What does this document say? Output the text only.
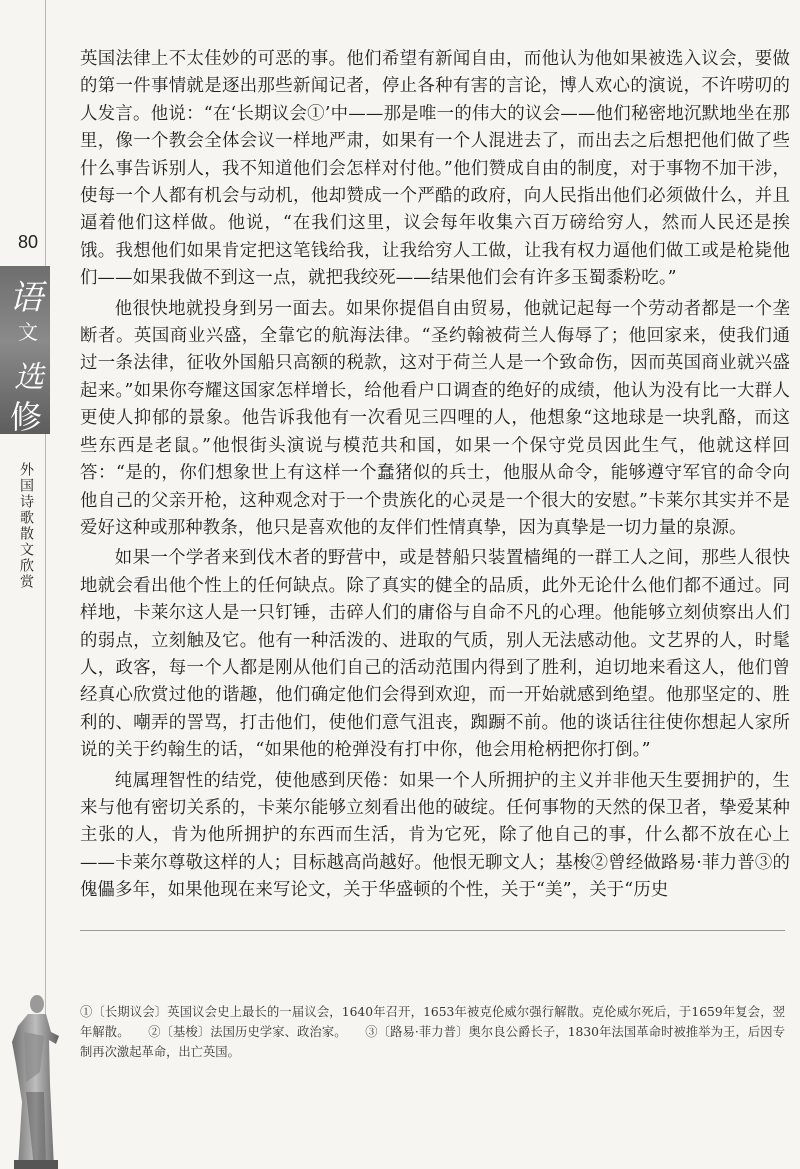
80
语
文
选
修
外国诗歌散文欣赏

英国法律上不太佳妙的可恶的事。他们希望有新闻自由，而他认为他如果被选入议会，要做的第一件事情就是逐出那些新闻记者，停止各种有害的言论，博人欢心的演说，不许唠叨的人发言。他说：“在‘长期议会①’中——那是唯一的伟大的议会——他们秘密地沉默地坐在那里，像一个教会全体会议一样地严肃，如果有一个人混进去了，而出去之后想把他们做了些什么事告诉别人，我不知道他们会怎样对付他。”他们赞成自由的制度，对于事物不加干涉，使每一个人都有机会与动机，他却赞成一个严酷的政府，向人民指出他们必须做什么，并且逼着他们这样做。他说，“在我们这里，议会每年收集六百万磅给穷人，然而人民还是挨饿。我想他们如果肯定把这笔钱给我，让我给穷人工做，让我有权力逼他们做工或是枪毙他们——如果我做不到这一点，就把我绞死——结果他们会有许多玉蜀黍粉吃。”

他很快地就投身到另一面去。如果你提倡自由贸易，他就记起每一个劳动者都是一个垄断者。英国商业兴盛，全靠它的航海法律。“圣约翰被荷兰人侮辱了；他回家来，使我们通过一条法律，征收外国船只高额的税款，这对于荷兰人是一个致命伤，因而英国商业就兴盛起来。”如果你夸耀这国家怎样增长，给他看户口调查的绝好的成绩，他认为没有比一大群人更使人抑郁的景象。他告诉我他有一次看见三四哩的人，他想象“这地球是一块乳酪，而这些东西是老鼠。”他恨街头演说与模范共和国，如果一个保守党员因此生气，他就这样回答：“是的，你们想象世上有这样一个蠢猪似的兵士，他服从命令，能够遵守军官的命令向他自己的父亲开枪，这种观念对于一个贵族化的心灵是一个很大的安慰。”卡莱尔其实并不是爱好这种或那种教条，他只是喜欢他的友伴们性情真挚，因为真挚是一切力量的泉源。

如果一个学者来到伐木者的野营中，或是替船只装置樯绳的一群工人之间，那些人很快地就会看出他个性上的任何缺点。除了真实的健全的品质，此外无论什么他们都不通过。同样地，卡莱尔这人是一只钉锤，击碎人们的庸俗与自命不凡的心理。他能够立刻侦察出人们的弱点，立刻触及它。他有一种活泼的、进取的气质，别人无法感动他。文艺界的人，时髦人，政客，每一个人都是刚从他们自己的活动范围内得到了胜利，迫切地来看这人，他们曾经真心欣赏过他的谐趣，他们确定他们会得到欢迎，而一开始就感到绝望。他那坚定的、胜利的、嘲弄的詈骂，打击他们，使他们意气沮丧，踟蹰不前。他的谈话往往使你想起人家所说的关于约翰生的话，“如果他的枪弹没有打中你，他会用枪柄把你打倒。”

纯属理智性的结党，使他感到厌倦：如果一个人所拥护的主义并非他天生要拥护的，生来与他有密切关系的，卡莱尔能够立刻看出他的破绽。任何事物的天然的保卫者，挚爱某种主张的人，肯为他所拥护的东西而生活，肯为它死，除了他自己的事，什么都不放在心上——卡莱尔尊敬这样的人；目标越高尚越好。他恨无聊文人；基梭②曾经做路易·菲力普③的傀儡多年，如果他现在来写论文，关于华盛顿的个性，关于“美”，关于“历史

①〔长期议会〕英国议会史上最长的一届议会，1640年召开，1653年被克伦威尔强行解散。克伦威尔死后，于1659年复会，翌年解散。　　②〔基梭〕法国历史学家、政治家。　　③〔路易·菲力普〕奥尔良公爵长子，1830年法国革命时被推举为王，后因专制再次激起革命，出亡英国。
